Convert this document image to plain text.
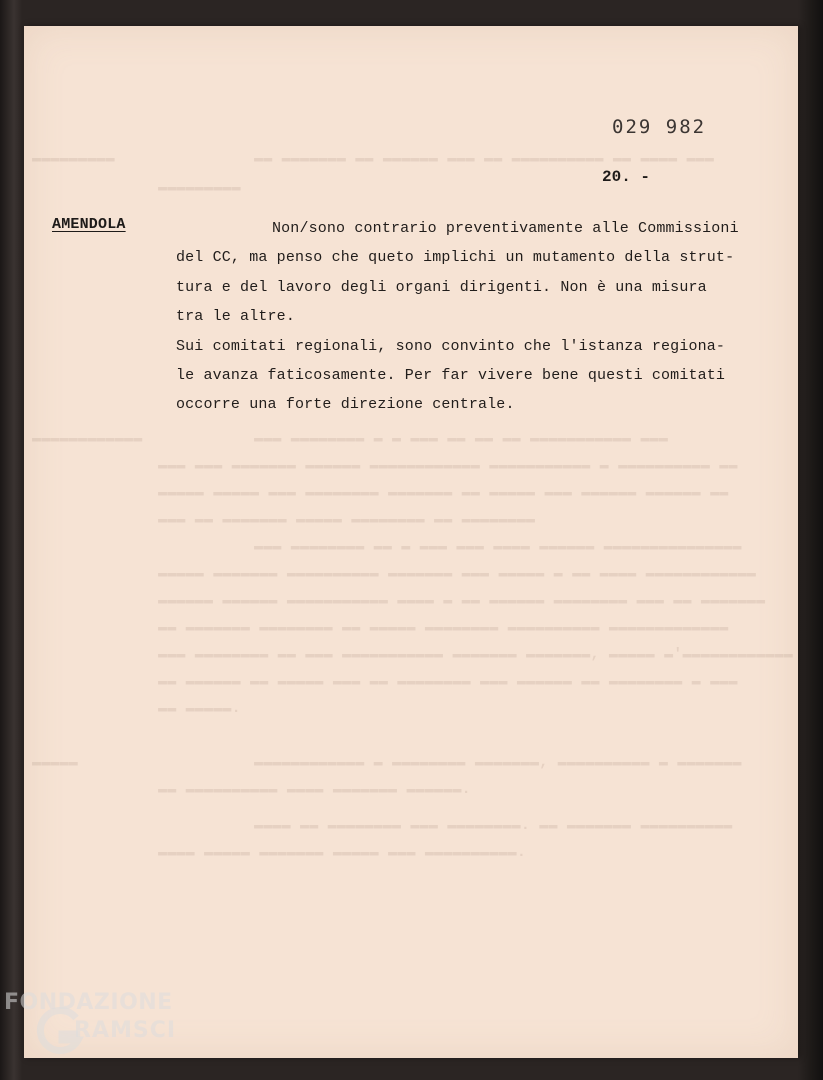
▬▬▬▬▬▬▬▬▬	▬▬ ▬▬▬▬▬▬▬ ▬▬ ▬▬▬▬▬▬ ▬▬▬ ▬▬ ▬▬▬▬▬▬▬▬▬▬ ▬▬ ▬▬▬▬ ▬▬▬
▬▬▬▬▬▬▬▬▬
▬▬▬▬▬▬▬▬▬▬▬▬	▬▬▬ ▬▬▬▬▬▬▬▬ ▬ ▬ ▬▬▬ ▬▬ ▬▬ ▬▬ ▬▬▬▬▬▬▬▬▬▬▬ ▬▬▬
▬▬▬ ▬▬▬ ▬▬▬▬▬▬▬ ▬▬▬▬▬▬ ▬▬▬▬▬▬▬▬▬▬▬▬ ▬▬▬▬▬▬▬▬▬▬▬ ▬ ▬▬▬▬▬▬▬▬▬▬ ▬▬
▬▬▬▬▬ ▬▬▬▬▬ ▬▬▬ ▬▬▬▬▬▬▬▬ ▬▬▬▬▬▬▬ ▬▬ ▬▬▬▬▬ ▬▬▬ ▬▬▬▬▬▬ ▬▬▬▬▬▬ ▬▬
▬▬▬ ▬▬ ▬▬▬▬▬▬▬ ▬▬▬▬▬ ▬▬▬▬▬▬▬▬ ▬▬ ▬▬▬▬▬▬▬▬
▬▬▬ ▬▬▬▬▬▬▬▬ ▬▬ ▬ ▬▬▬ ▬▬▬ ▬▬▬▬ ▬▬▬▬▬▬ ▬▬▬▬▬▬▬▬▬▬▬▬▬▬▬
▬▬▬▬▬ ▬▬▬▬▬▬▬ ▬▬▬▬▬▬▬▬▬▬ ▬▬▬▬▬▬▬ ▬▬▬ ▬▬▬▬▬ ▬ ▬▬ ▬▬▬▬ ▬▬▬▬▬▬▬▬▬▬▬▬
▬▬▬▬▬▬ ▬▬▬▬▬▬ ▬▬▬▬▬▬▬▬▬▬▬ ▬▬▬▬ ▬ ▬▬ ▬▬▬▬▬▬ ▬▬▬▬▬▬▬▬ ▬▬▬ ▬▬ ▬▬▬▬▬▬▬
▬▬ ▬▬▬▬▬▬▬ ▬▬▬▬▬▬▬▬ ▬▬ ▬▬▬▬▬ ▬▬▬▬▬▬▬▬ ▬▬▬▬▬▬▬▬▬▬ ▬▬▬▬▬▬▬▬▬▬▬▬▬
▬▬▬ ▬▬▬▬▬▬▬▬ ▬▬ ▬▬▬ ▬▬▬▬▬▬▬▬▬▬▬ ▬▬▬▬▬▬▬ ▬▬▬▬▬▬▬, ▬▬▬▬▬ ▬'▬▬▬▬▬▬▬▬▬▬▬▬
▬▬ ▬▬▬▬▬▬ ▬▬ ▬▬▬▬▬ ▬▬▬ ▬▬ ▬▬▬▬▬▬▬▬ ▬▬▬ ▬▬▬▬▬▬ ▬▬ ▬▬▬▬▬▬▬▬ ▬ ▬▬▬
▬▬ ▬▬▬▬▬.
▬▬▬▬▬	▬▬▬▬▬▬▬▬▬▬▬▬ ▬ ▬▬▬▬▬▬▬▬ ▬▬▬▬▬▬▬, ▬▬▬▬▬▬▬▬▬▬ ▬ ▬▬▬▬▬▬▬
▬▬ ▬▬▬▬▬▬▬▬▬▬ ▬▬▬▬ ▬▬▬▬▬▬▬ ▬▬▬▬▬▬.
▬▬▬▬ ▬▬ ▬▬▬▬▬▬▬▬ ▬▬▬ ▬▬▬▬▬▬▬▬. ▬▬ ▬▬▬▬▬▬▬ ▬▬▬▬▬▬▬▬▬▬
▬▬▬▬ ▬▬▬▬▬ ▬▬▬▬▬▬▬ ▬▬▬▬▬ ▬▬▬ ▬▬▬▬▬▬▬▬▬▬.
029 982
20. -
AMENDOLA	Non/sono contrario preventivamente alle Commissioni
del CC, ma penso che queto implichi un mutamento della strut-
tura e del lavoro degli organi dirigenti. Non è una misura
tra le altre.
Sui comitati regionali, sono convinto che l'istanza regiona-
le avanza faticosamente. Per far vivere bene questi comitati
occorre una forte direzione centrale.
FONDAZIONE
RAMSCI
